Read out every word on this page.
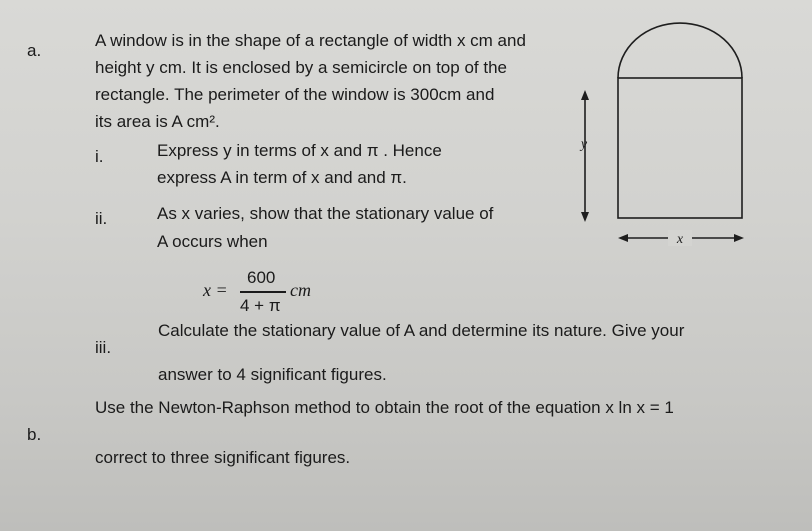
a.
A window is in the shape of a rectangle of width x cm and
height y cm. It is enclosed by a semicircle on top of the
rectangle. The perimeter of the window is 300cm and
its area is A cm².
i.	Express y in terms of x and π . Hence
express A in term of x and and π.
ii.	As x varies, show that the stationary value of
A occurs when
x =
600
4 + π
cm
iii.
Calculate the stationary value of A and determine its nature. Give your
answer to 4 significant figures.
b.
Use the Newton-Raphson method to obtain the root of the equation x ln x = 1
correct to three significant figures.
y
x
